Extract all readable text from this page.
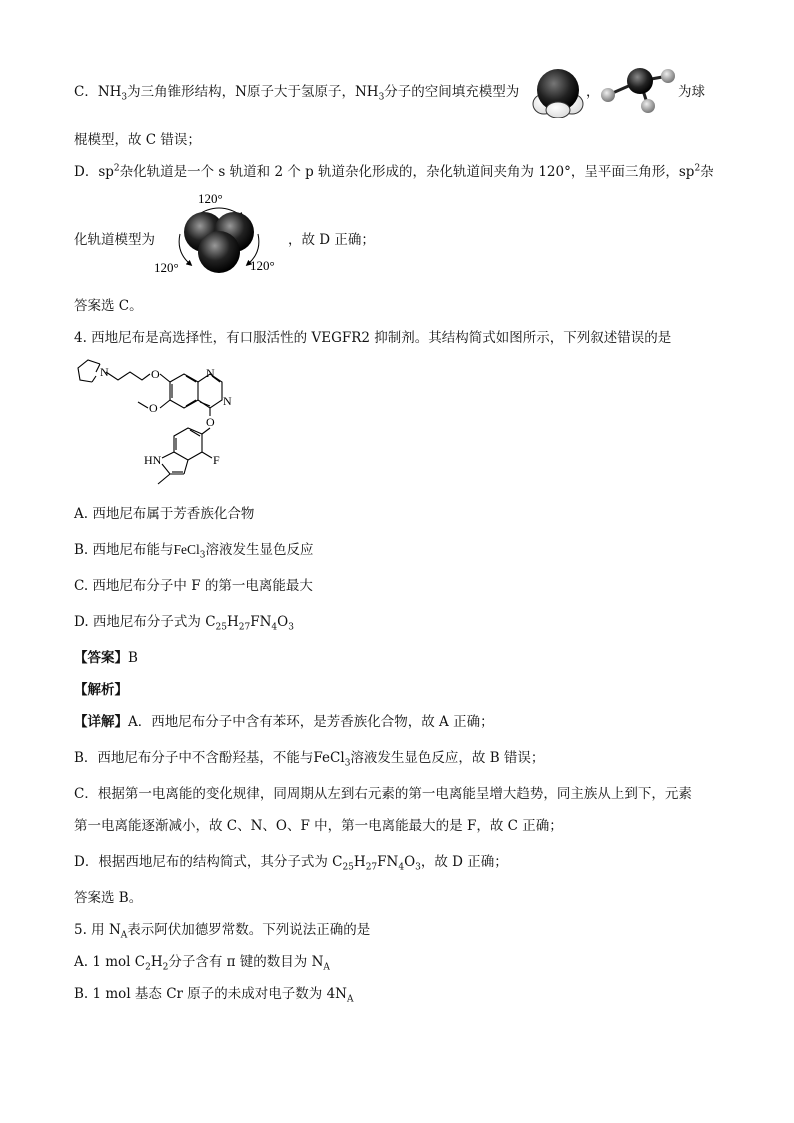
C．$NH_3$为三角锥形结构，N原子大于氢原子，$NH_3$分子的空间填充模型为	为球
，
棍模型，故 C 错误；
D．$sp^2$杂化轨道是一个 s 轨道和 2 个 p 轨道杂化形成的，杂化轨道间夹角为 120°，呈平面三角形，$sp^2$杂
化轨道模型为
120°
120°	120°
，故 D 正确；
答案选 C。
4. 西地尼布是高选择性，有口服活性的 VEGFR2 抑制剂。其结构简式如图所示，下列叙述错误的是
N	O
O
O
N
N
F
HN
A. 西地尼布属于芳香族化合物
B. 西地尼布能与FeCl$_3$溶液发生显色反应
C. 西地尼布分子中 F 的第一电离能最大
D. 西地尼布分子式为 $C_{25}H_{27}FN_4O_3$
【答案】B
【解析】
【详解】A．西地尼布分子中含有苯环，是芳香族化合物，故 A 正确；
B．西地尼布分子中不含酚羟基，不能与FeCl$_3$溶液发生显色反应，故 B 错误；
C．根据第一电离能的变化规律，同周期从左到右元素的第一电离能呈增大趋势，同主族从上到下，元素
第一电离能逐渐减小，故 C、N、O、F 中，第一电离能最大的是 F，故 C 正确；
D．根据西地尼布的结构简式，其分子式为 $C_{25}H_{27}FN_4O_3$，故 D 正确；
答案选 B。
5. 用 $N_A$表示阿伏加德罗常数。下列说法正确的是
A. 1 mol $C_2H_2$分子含有 π 键的数目为 $N_A$
B. 1 mol 基态 Cr 原子的未成对电子数为 $4N_A$
